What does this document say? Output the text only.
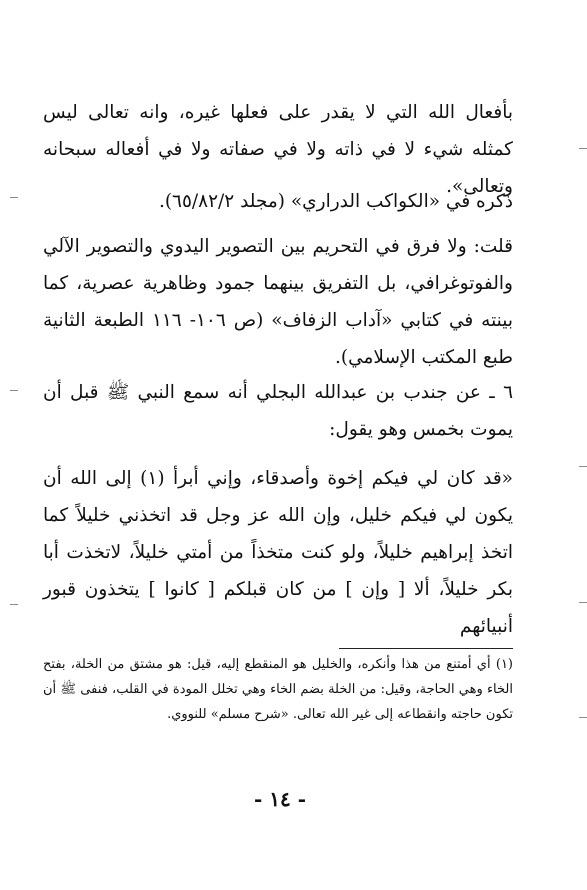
بأفعال الله التي لا يقدر على فعلها غيره، وانه تعالى ليس كمثله شيء لا في ذاته ولا في صفاته ولا في أفعاله سبحانه وتعالى».

ذكره في «الكواكب الدراري» (مجلد ٦٥/٨٢/٢).

قلت: ولا فرق في التحريم بين التصوير اليدوي والتصوير الآلي والفوتوغرافي، بل التفريق بينهما جمود وظاهرية عصرية، كما بينته في كتابي «آداب الزفاف» (ص ١٠٦- ١١٦ الطبعة الثانية طبع المكتب الإسلامي).

٦ ـ عن جندب بن عبدالله البجلي أنه سمع النبي ﷺ قبل أن يموت بخمس وهو يقول:

«قد كان لي فيكم إخوة وأصدقاء، وإني أبرأ (١) إلى الله أن يكون لي فيكم خليل، وإن الله عز وجل قد اتخذني خليلاً كما اتخذ إبراهيم خليلاً، ولو كنت متخذاً من أمتي خليلاً، لاتخذت أبا بكر خليلاً، ألا [ وإن ] من كان قبلكم [ كانوا ] يتخذون قبور أنبيائهم

(١) أي أمتنع من هذا وأنكره، والخليل هو المنقطع إليه، قيل: هو مشتق من الخلة، بفتح الخاء وهي الحاجة، وقيل: من الخلة بضم الخاء وهي تخلل المودة في القلب، فنفى ﷺ أن تكون حاجته وانقطاعه إلى غير الله تعالى. «شرح مسلم» للنووي.

- ١٤ -
